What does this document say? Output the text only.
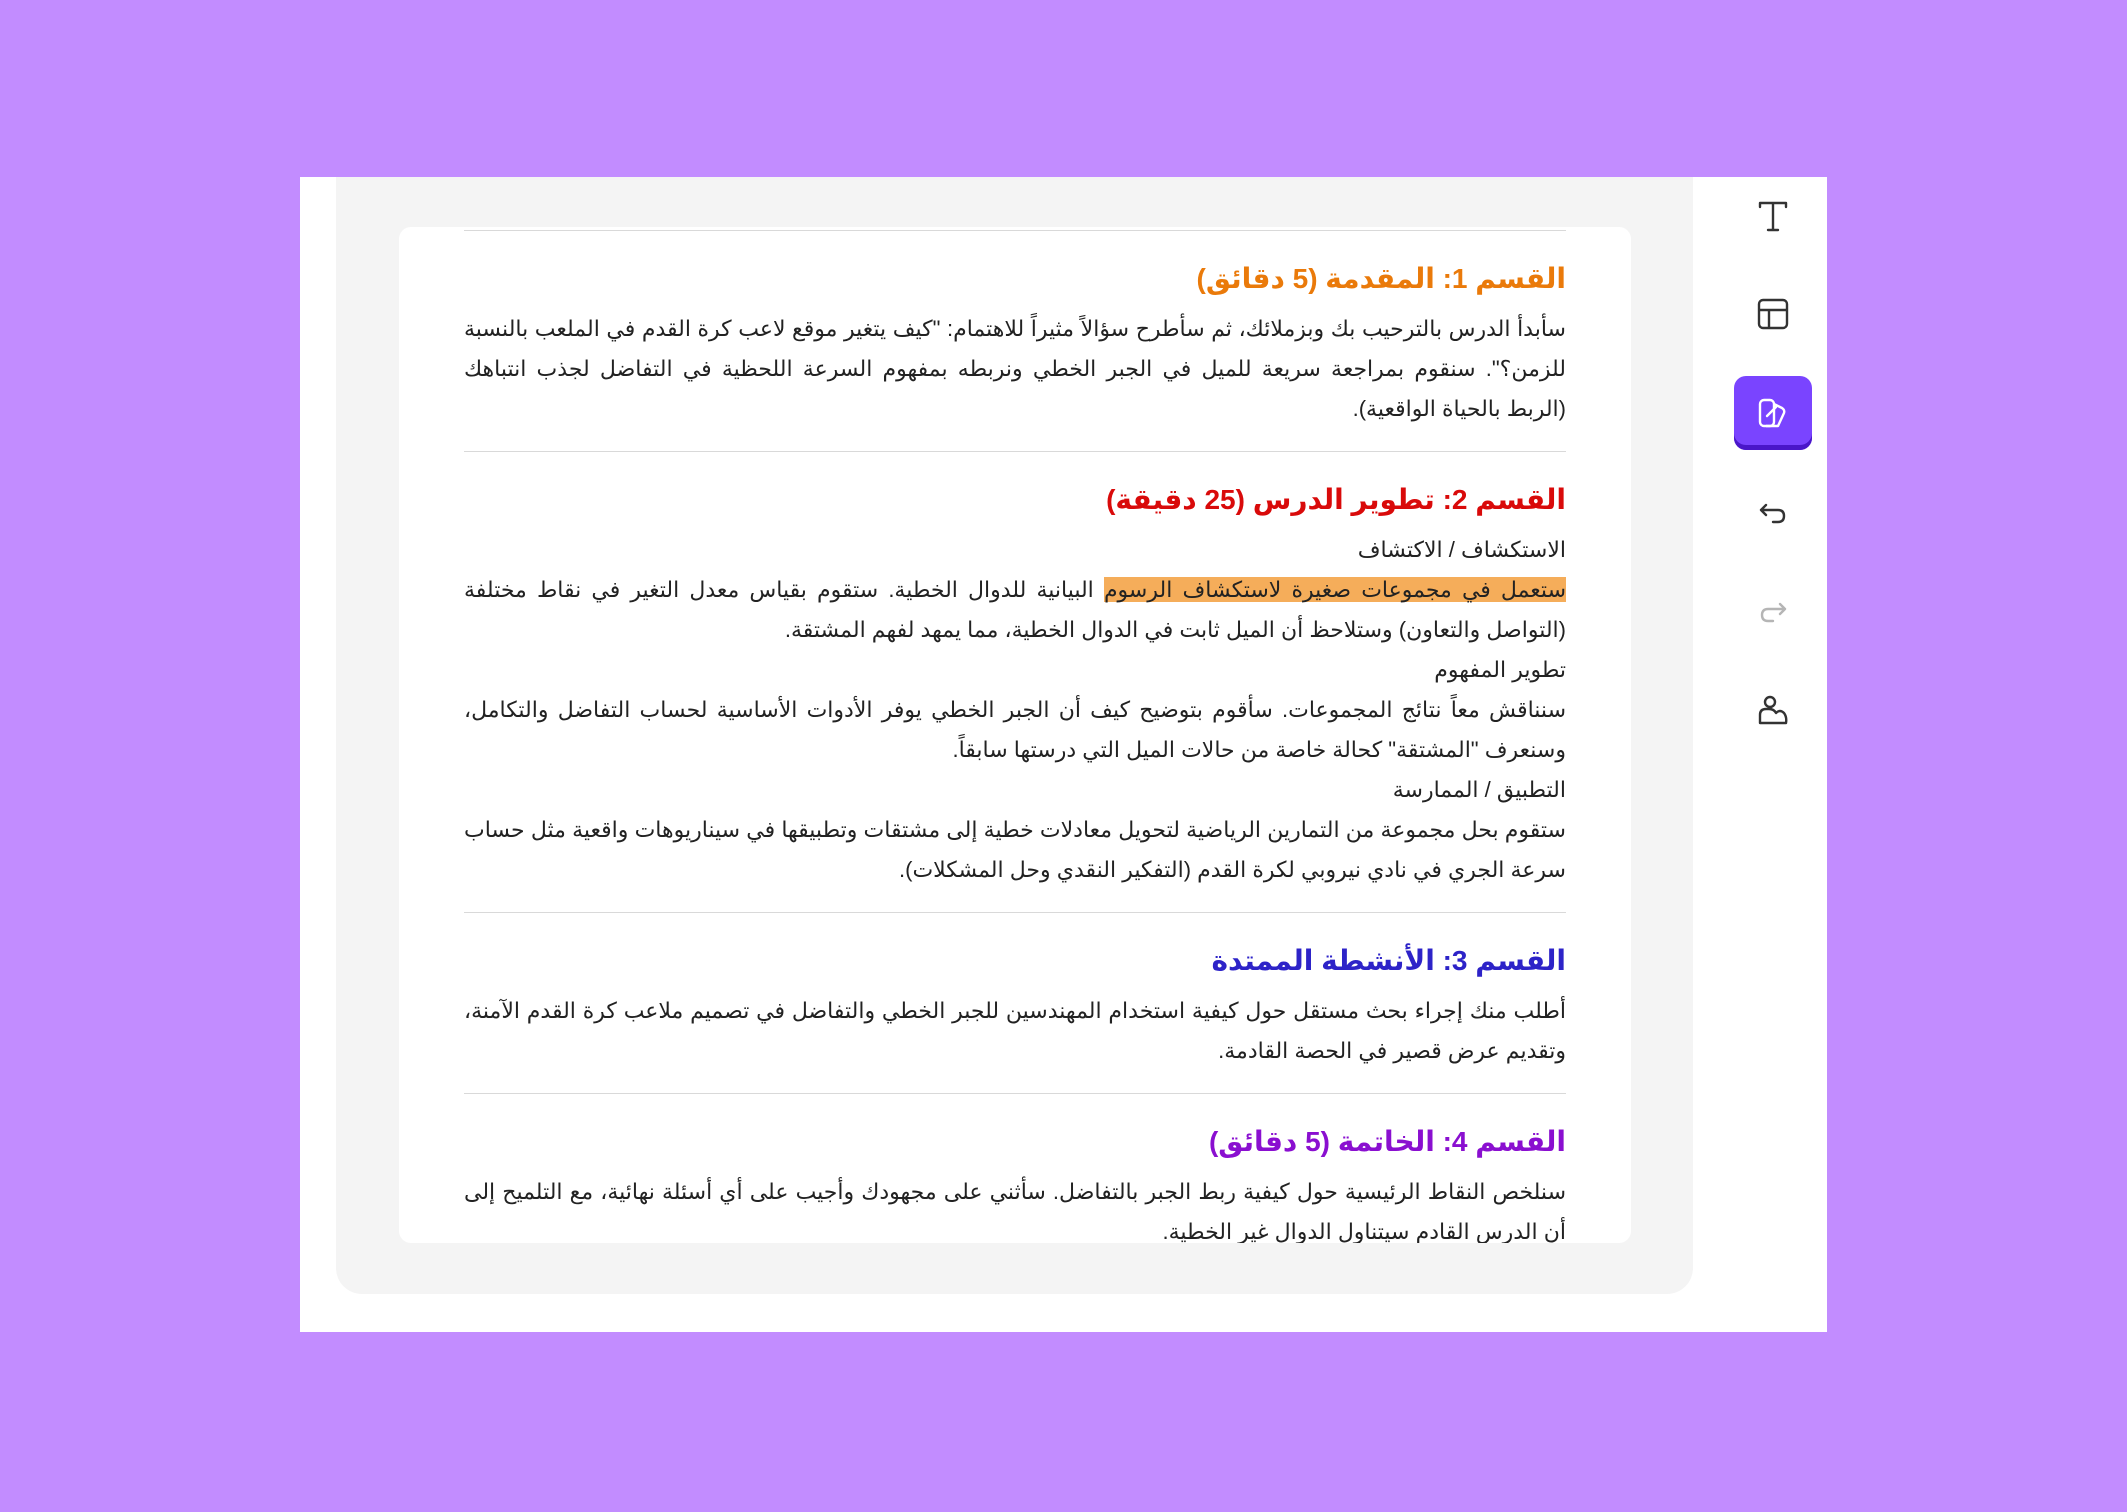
القسم 1: المقدمة (5 دقائق)

سأبدأ الدرس بالترحيب بك وبزملائك، ثم سأطرح سؤالاً مثيراً للاهتمام: "كيف يتغير موقع لاعب كرة القدم في الملعب بالنسبة للزمن؟". سنقوم بمراجعة سريعة للميل في الجبر الخطي ونربطه بمفهوم السرعة اللحظية في التفاضل لجذب انتباهك (الربط بالحياة الواقعية).

القسم 2: تطوير الدرس (25 دقيقة)

الاستكشاف / الاكتشاف

ستعمل في مجموعات صغيرة لاستكشاف الرسوم البيانية للدوال الخطية. ستقوم بقياس معدل التغير في نقاط مختلفة (التواصل والتعاون) وستلاحظ أن الميل ثابت في الدوال الخطية، مما يمهد لفهم المشتقة.

تطوير المفهوم

سنناقش معاً نتائج المجموعات. سأقوم بتوضيح كيف أن الجبر الخطي يوفر الأدوات الأساسية لحساب التفاضل والتكامل، وسنعرف "المشتقة" كحالة خاصة من حالات الميل التي درستها سابقاً.

التطبيق / الممارسة

ستقوم بحل مجموعة من التمارين الرياضية لتحويل معادلات خطية إلى مشتقات وتطبيقها في سيناريوهات واقعية مثل حساب سرعة الجري في نادي نيروبي لكرة القدم (التفكير النقدي وحل المشكلات).

القسم 3: الأنشطة الممتدة

أطلب منك إجراء بحث مستقل حول كيفية استخدام المهندسين للجبر الخطي والتفاضل في تصميم ملاعب كرة القدم الآمنة، وتقديم عرض قصير في الحصة القادمة.

القسم 4: الخاتمة (5 دقائق)

سنلخص النقاط الرئيسية حول كيفية ربط الجبر بالتفاضل. سأثني على مجهودك وأجيب على أي أسئلة نهائية، مع التلميح إلى أن الدرس القادم سيتناول الدوال غير الخطية.
